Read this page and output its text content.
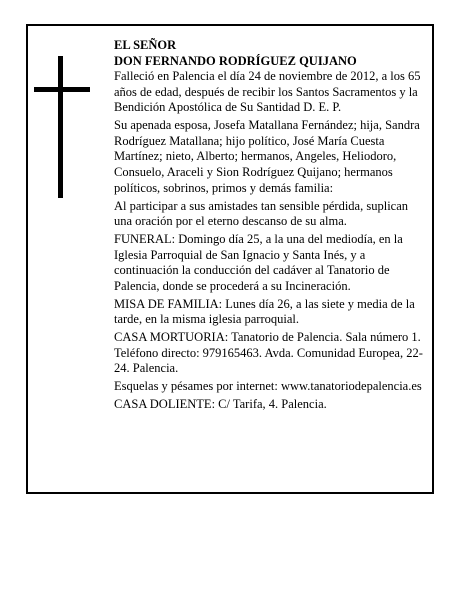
EL SEÑOR
DON FERNANDO RODRÍGUEZ QUIJANO

Falleció en Palencia el día 24 de noviembre de 2012, a los 65 años de edad, después de recibir los Santos Sacramentos y la Bendición Apostólica de Su Santidad D. E. P.

Su apenada esposa, Josefa Matallana Fernández; hija, Sandra Rodríguez Matallana; hijo político, José María Cuesta Martínez; nieto, Alberto; hermanos, Angeles, Heliodoro, Consuelo, Araceli y Sion Rodríguez Quijano; hermanos políticos, sobrinos, primos y demás familia:

Al participar a sus amistades tan sensible pérdida, suplican una oración por el eterno descanso de su alma.

FUNERAL: Domingo día 25, a la una del mediodía, en la Iglesia Parroquial de San Ignacio y Santa Inés, y a continuación la conducción del cadáver al Tanatorio de Palencia, donde se procederá a su Incineración.

MISA DE FAMILIA: Lunes día 26, a las siete y media de la tarde, en la misma iglesia parroquial.

CASA MORTUORIA: Tanatorio de Palencia. Sala número 1. Teléfono directo: 979165463. Avda. Comunidad Europea, 22-24. Palencia.

Esquelas y pésames por internet: www.tanatoriodepalencia.es

CASA DOLIENTE: C/ Tarifa, 4. Palencia.
